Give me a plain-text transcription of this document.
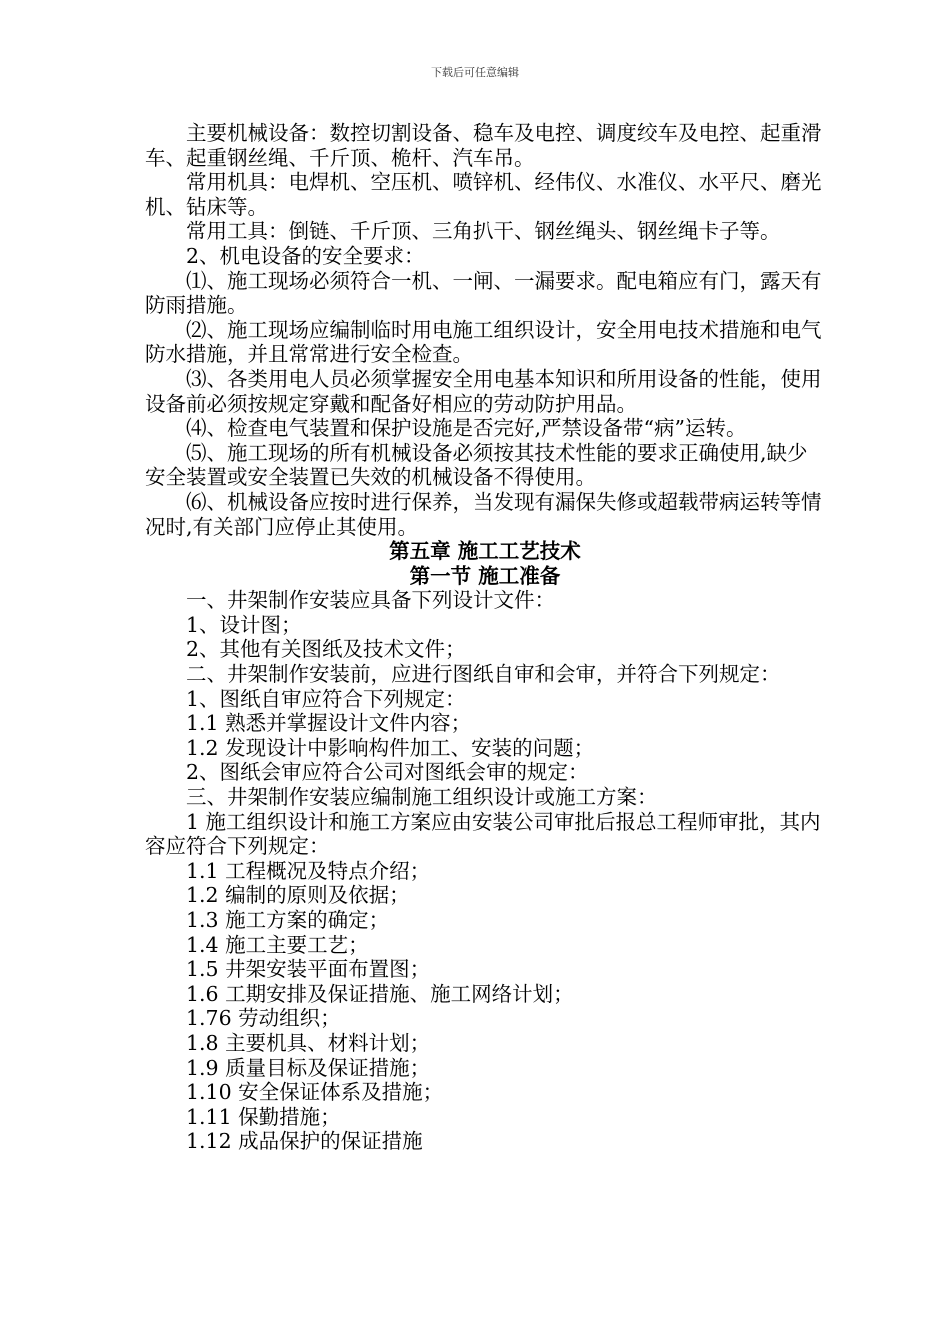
下载后可任意编辑

主要机械设备：数控切割设备、稳车及电控、调度绞车及电控、起重滑车、起重钢丝绳、千斤顶、桅杆、汽车吊。

常用机具：电焊机、空压机、喷锌机、经伟仪、水准仪、水平尺、磨光机、钻床等。

常用工具：倒链、千斤顶、三角扒干、钢丝绳头、钢丝绳卡子等。

2、机电设备的安全要求：

⑴、施工现场必须符合一机、一闸、一漏要求。配电箱应有门，露天有防雨措施。

⑵、施工现场应编制临时用电施工组织设计，安全用电技术措施和电气防水措施，并且常常进行安全检查。

⑶、各类用电人员必须掌握安全用电基本知识和所用设备的性能，使用设备前必须按规定穿戴和配备好相应的劳动防护用品。

⑷、检查电气装置和保护设施是否完好,严禁设备带“病”运转。

⑸、施工现场的所有机械设备必须按其技术性能的要求正确使用,缺少安全装置或安全装置已失效的机械设备不得使用。

⑹、机械设备应按时进行保养，当发现有漏保失修或超载带病运转等情况时,有关部门应停止其使用。

第五章 施工工艺技术

第一节 施工准备

一、井架制作安装应具备下列设计文件：

1、设计图；

2、其他有关图纸及技术文件；

二、井架制作安装前，应进行图纸自审和会审，并符合下列规定：

1、图纸自审应符合下列规定：

1.1 熟悉并掌握设计文件内容；

1.2 发现设计中影响构件加工、安装的问题；

2、图纸会审应符合公司对图纸会审的规定：

三、井架制作安装应编制施工组织设计或施工方案：

1 施工组织设计和施工方案应由安装公司审批后报总工程师审批，其内容应符合下列规定：

1.1 工程概况及特点介绍；

1.2 编制的原则及依据；

1.3 施工方案的确定；

1.4 施工主要工艺；

1.5 井架安装平面布置图；

1.6 工期安排及保证措施、施工网络计划；

1.76 劳动组织；

1.8 主要机具、材料计划；

1.9 质量目标及保证措施；

1.10 安全保证体系及措施；

1.11 保勤措施；

1.12 成品保护的保证措施
